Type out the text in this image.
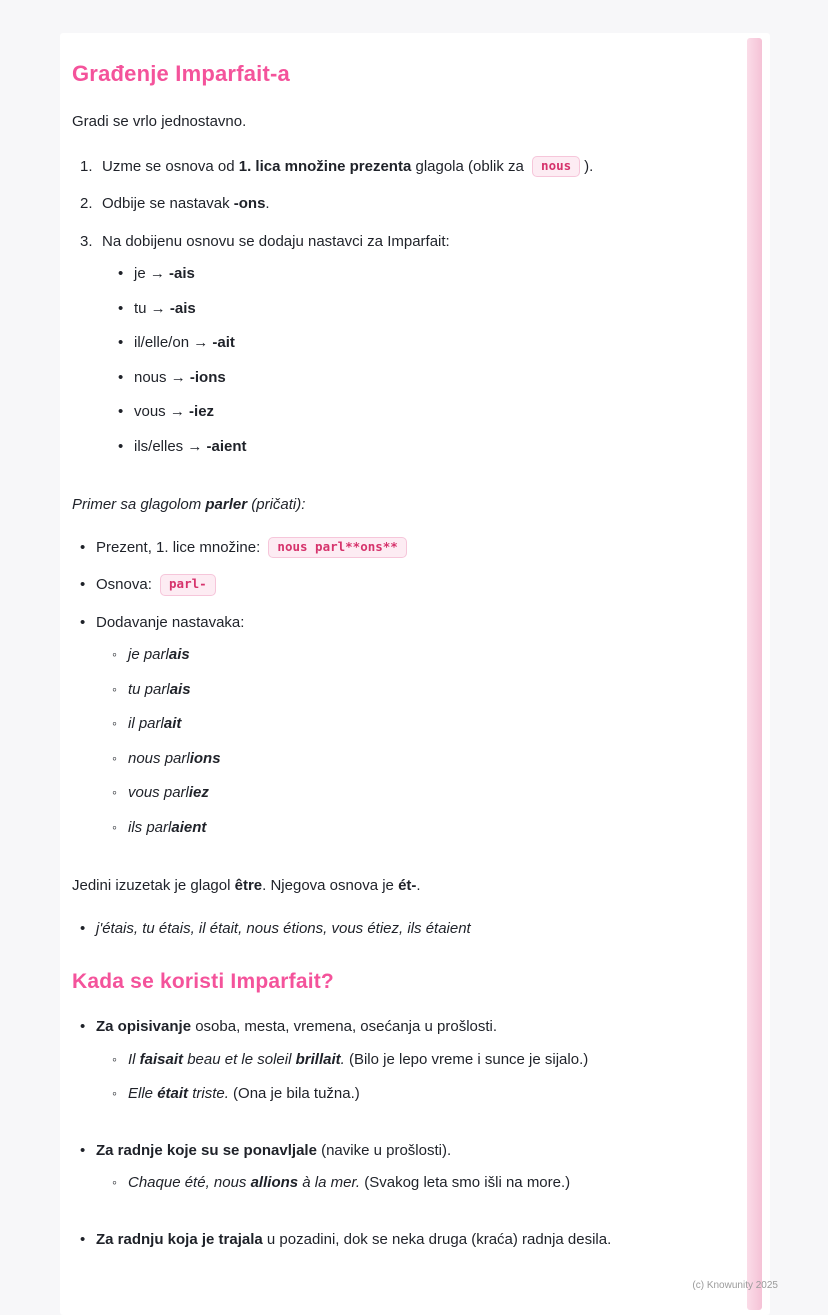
Građenje Imparfait-a

Gradi se vrlo jednostavno.

1. Uzme se osnova od 1. lica množine prezenta glagola (oblik za nous ).
2. Odbije se nastavak -ons.
3. Na dobijenu osnovu se dodaju nastavci za Imparfait:
•
je → -ais
•
tu → -ais
•
il/elle/on → -ait
•
nous → -ions
•
vous → -iez
•
ils/elles → -aient

Primer sa glagolom parler (pričati):

•
Prezent, 1. lice množine: nous parl**ons**
•
Osnova: parl-
•
Dodavanje nastavaka:
◦
je parlais
◦
tu parlais
◦
il parlait
◦
nous parlions
◦
vous parliez
◦
ils parlaient

Jedini izuzetak je glagol être. Njegova osnova je ét-.

•
j'étais, tu étais, il était, nous étions, vous étiez, ils étaient
Kada se koristi Imparfait?
•
Za opisivanje osoba, mesta, vremena, osećanja u prošlosti.
◦
Il faisait beau et le soleil brillait. (Bilo je lepo vreme i sunce je sijalo.)
◦
Elle était triste. (Ona je bila tužna.)
•
Za radnje koje su se ponavljale (navike u prošlosti).
◦
Chaque été, nous allions à la mer. (Svakog leta smo išli na more.)
•
Za radnju koja je trajala u pozadini, dok se neka druga (kraća) radnja desila.
(c) Knowunity 2025
